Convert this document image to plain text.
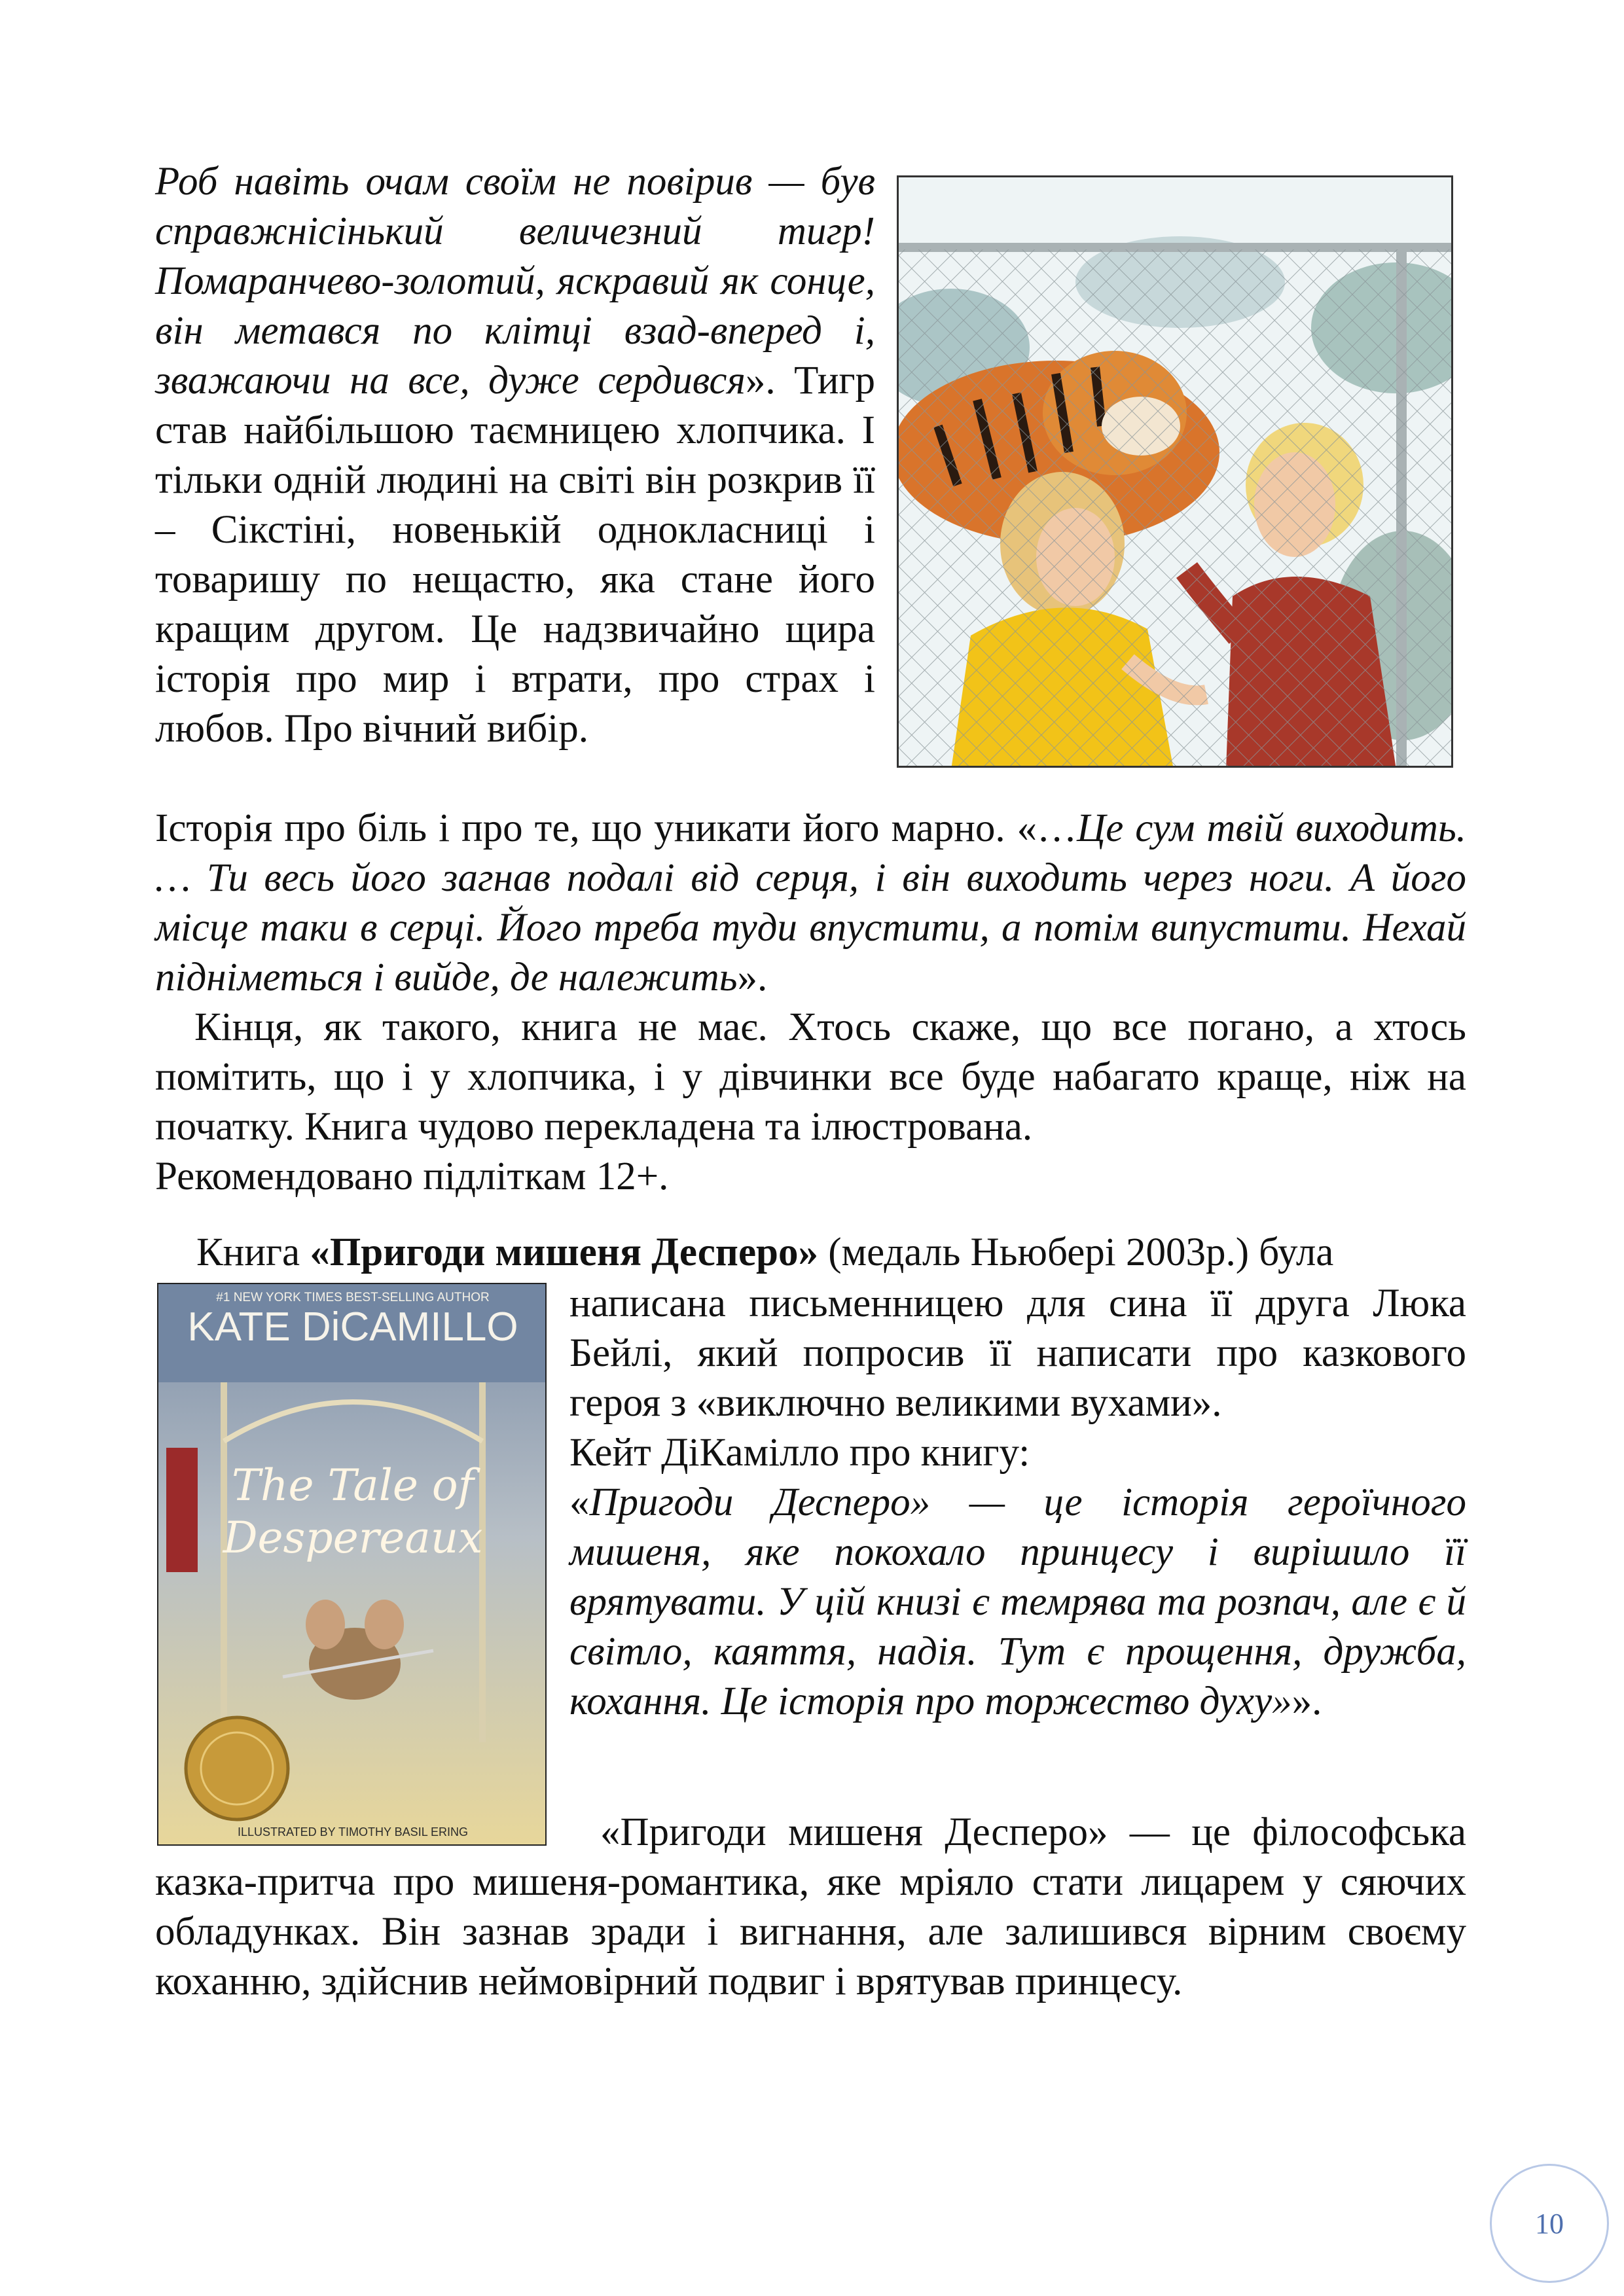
Роб навіть очам своїм не повірив — був справжнісінький величезний тигр! Помаранчево-золотий, яскравий як сонце, він метався по клітці взад-вперед і, зважаючи на все, дуже сердився». Тигр став найбільшою таємницею хлопчика. І тільки одній людині на світі він розкрив її – Сікстіні, новенькій однокласниці і товаришу по нещастю, яка стане його кращим другом. Це надзвичайно щира історія про мир і втрати, про страх і любов. Про вічний вибір.

Історія про біль і про те, що уникати його марно. «…Це сум твій виходить. … Ти весь його загнав подалі від серця, і він виходить через ноги. А його місце таки в серці. Його треба туди впустити, а потім випустити. Нехай підніметься і вийде, де належить».

Кінця, як такого, книга не має. Хтось скаже, що все погано, а хтось помітить, що і у хлопчика, і у дівчинки все буде набагато краще, ніж на початку. Книга чудово перекладена та ілюстрована.

Рекомендовано підліткам 12+.

Книга «Пригоди мишеня Десперо» (медаль Ньюбері 2003р.) була

#1 NEW YORK TIMES BEST-SELLING AUTHOR
KATE DiCAMILLO
The Tale of
Despereaux
ILLUSTRATED BY TIMOTHY BASIL ERING

написана письменницею для сина її друга Люка Бейлі, який попросив її написати про казкового героя з «виключно великими вухами».

Кейт ДіКамілло про книгу:

«Пригоди Десперо» — це історія героїчного мишеня, яке покохало принцесу і вирішило її врятувати. У цій книзі є темрява та розпач, але є й світло, каяття, надія. Тут є прощення, дружба, кохання. Це історія про торжество духу»».

«Пригоди мишеня Десперо» — це філософська казка-притча про мишеня-романтика, яке мріяло стати лицарем у сяючих обладунках. Він зазнав зради і вигнання, але залишився вірним своєму коханню, здійснив неймовірний подвиг і врятував принцесу.

10
